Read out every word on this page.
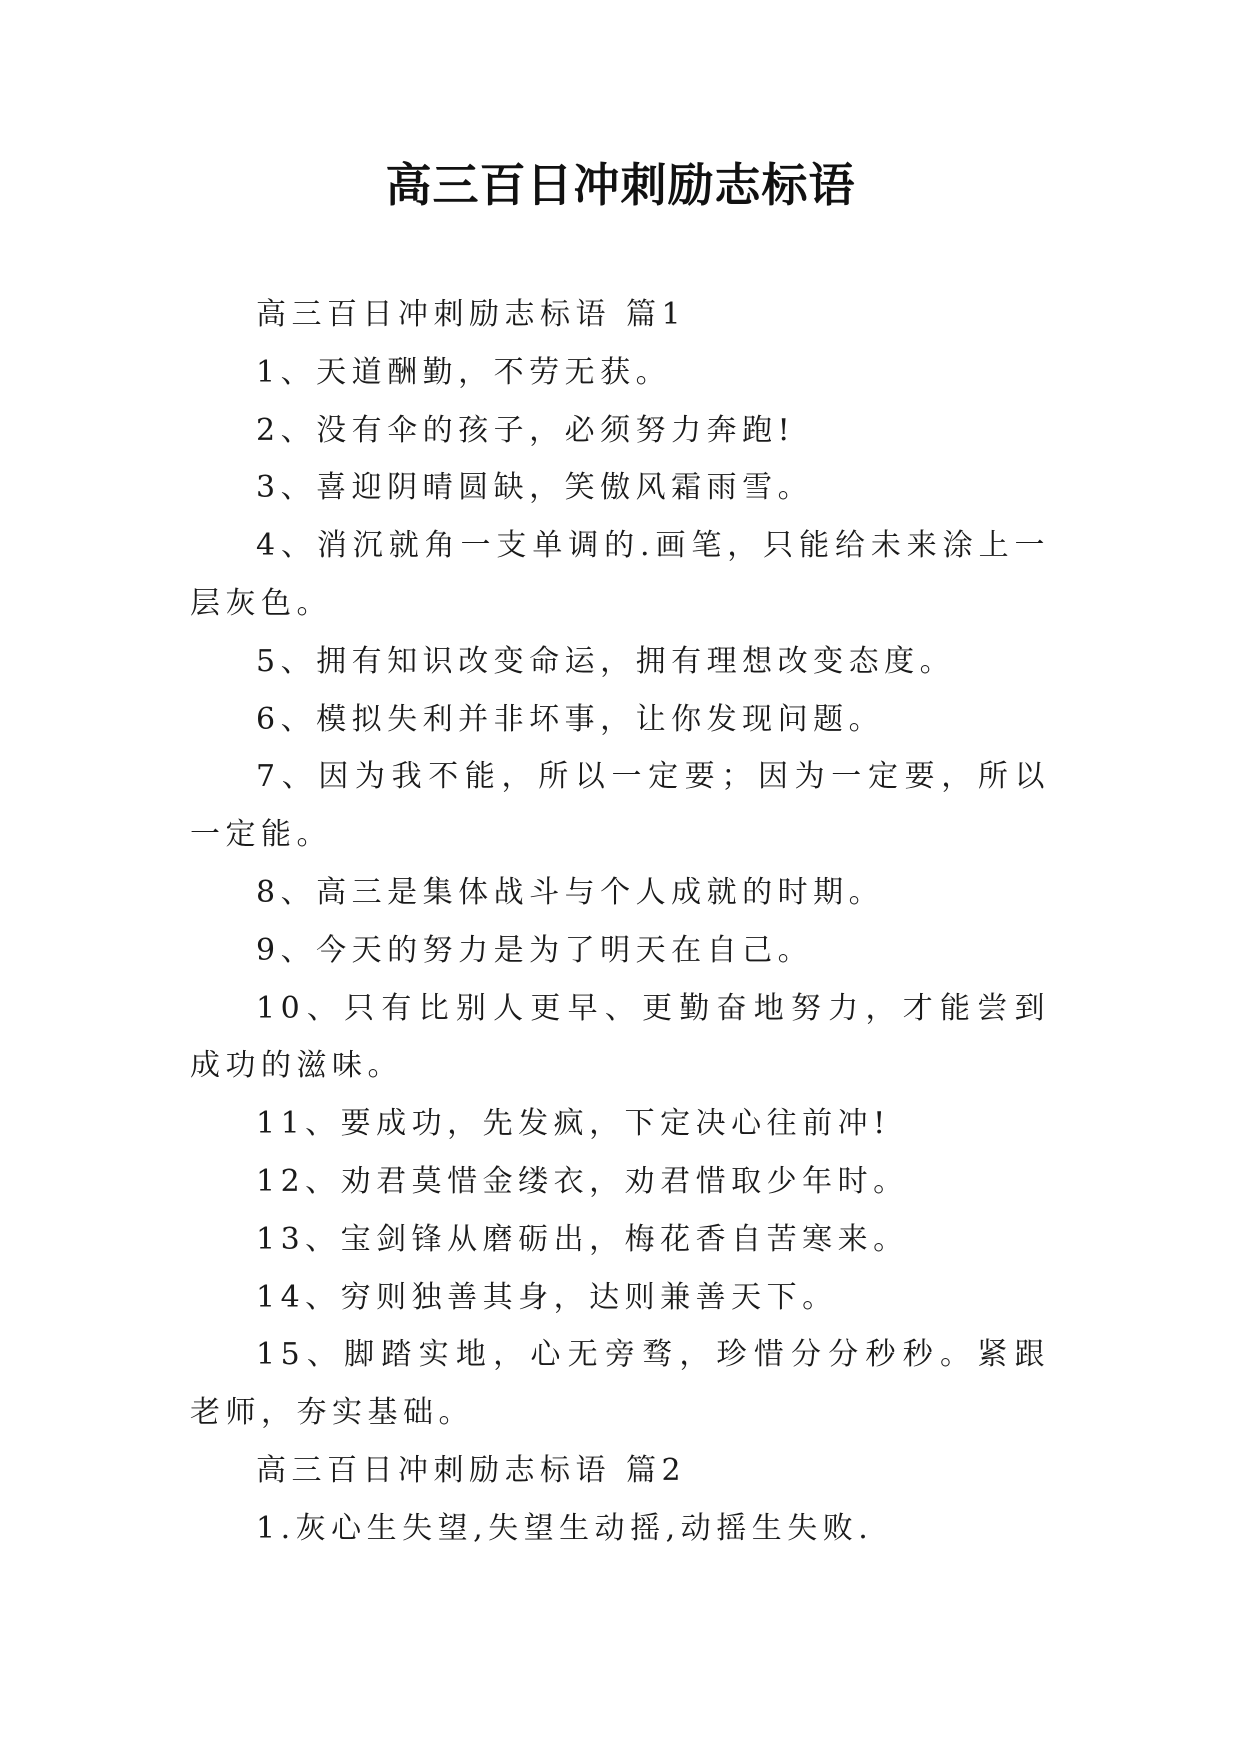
高三百日冲刺励志标语

高三百日冲刺励志标语 篇1

1、天道酬勤，不劳无获。

2、没有伞的孩子，必须努力奔跑!

3、喜迎阴晴圆缺，笑傲风霜雨雪。

4、消沉就角一支单调的.画笔，只能给未来涂上一层灰色。

5、拥有知识改变命运，拥有理想改变态度。

6、模拟失利并非坏事，让你发现问题。

7、因为我不能，所以一定要；因为一定要，所以一定能。

8、高三是集体战斗与个人成就的时期。

9、今天的努力是为了明天在自己。

10、只有比别人更早、更勤奋地努力，才能尝到成功的滋味。

11、要成功，先发疯，下定决心往前冲!

12、劝君莫惜金缕衣，劝君惜取少年时。

13、宝剑锋从磨砺出，梅花香自苦寒来。

14、穷则独善其身，达则兼善天下。

15、脚踏实地，心无旁骛，珍惜分分秒秒。紧跟老师，夯实基础。

高三百日冲刺励志标语 篇2

1.灰心生失望,失望生动摇,动摇生失败.
